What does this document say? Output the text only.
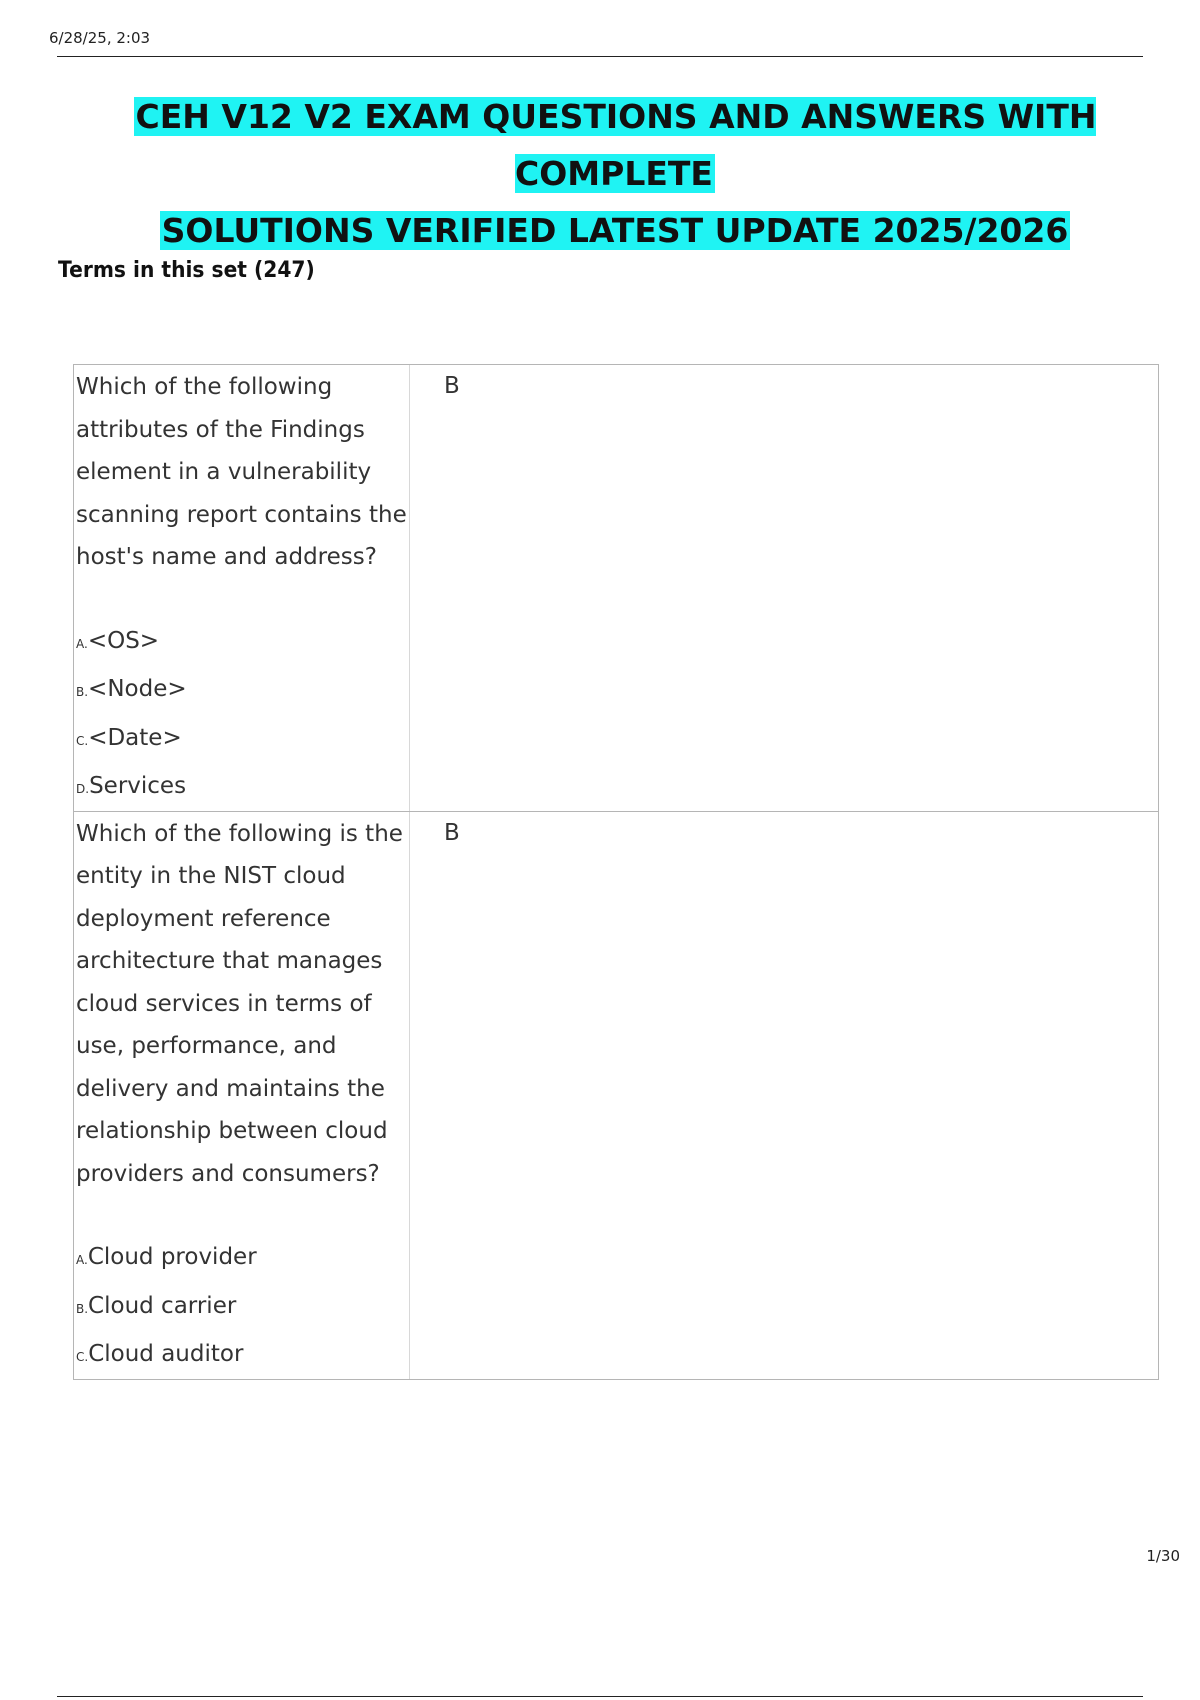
6/28/25, 2:03
CEH V12 V2 EXAM QUESTIONS AND ANSWERS WITH COMPLETE
SOLUTIONS VERIFIED LATEST UPDATE 2025/2026
Terms in this set (247)
Which of the following attributes of the Findings element in a vulnerability scanning report contains the host's name and address?
A.<OS>
B.<Node>
C.<Date>
D.Services
B
Which of the following is the entity in the NIST cloud deployment reference architecture that manages cloud services in terms of use, performance, and delivery and maintains the relationship between cloud providers and consumers?
A.Cloud provider
B.Cloud carrier
C.Cloud auditor
B
1/30
